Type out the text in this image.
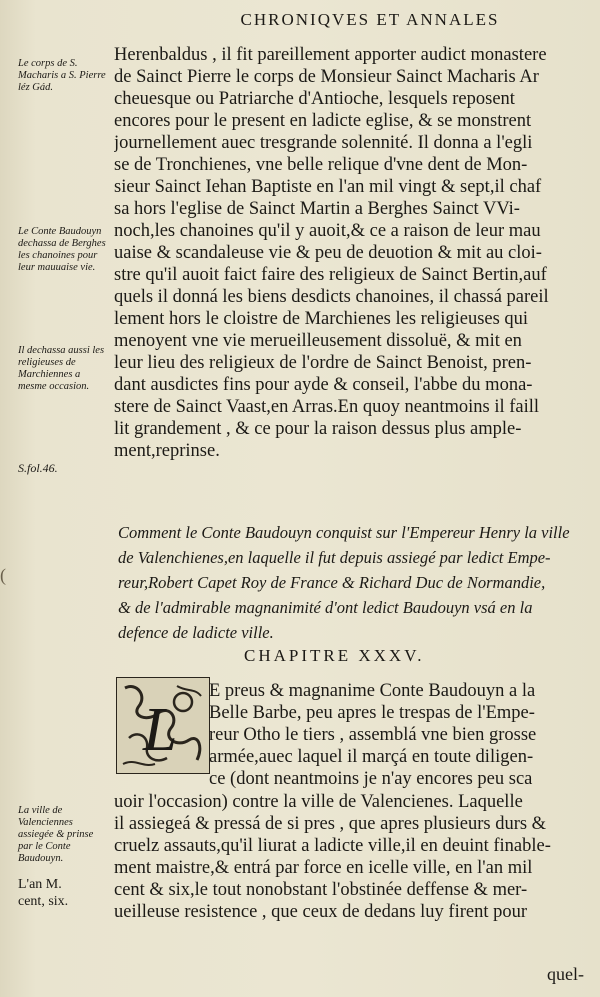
CHRONIQVES ET ANNALES
Le corps de S. Macharis a S. Pierre léz Gád.
Le Conte Baudouyn dechassa de Berghes les chanoines pour leur mauuaise vie.
Il dechassa aussi les religieuses de Marchiennes a mesme occasion.
S.fol.46.
La ville de Valenciennes assiegée & prinse par le Conte Baudouyn.
L'an M. cent, six.
Herenbaldus , il fit pareillement apporter audict monastere
de Sainct Pierre le corps de Monsieur Sainct Macharis Ar
cheuesque ou Patriarche d'Antioche, lesquels reposent
encores pour le present en ladicte eglise, & se monstrent
journellement auec tresgrande solennité. Il donna a l'egli
se de Tronchienes, vne belle relique d'vne dent de Mon-
sieur Sainct Iehan Baptiste en l'an mil vingt & sept,il chaf
sa hors l'eglise de Sainct Martin a Berghes Sainct VVi-
noch,les chanoines qu'il y auoit,& ce a raison de leur mau
uaise & scandaleuse vie & peu de deuotion & mit au cloi-
stre qu'il auoit faict faire des religieux de Sainct Bertin,auf
quels il donná les biens desdicts chanoines, il chassá pareil
lement hors le cloistre de Marchienes les religieuses qui
menoyent vne vie merueilleusement dissoluë, & mit en
leur lieu des religieux de l'ordre de Sainct Benoist, pren-
dant ausdictes fins pour ayde & conseil, l'abbe du mona-
stere de Sainct Vaast,en Arras.En quoy neantmoins il faill
lit grandement , & ce pour la raison dessus plus ample-
ment,reprinse.
(
Comment le Conte Baudouyn conquist sur l'Empereur Henry la ville
de Valenchienes,en laquelle il fut depuis assiegé par ledict Empe-
reur,Robert Capet Roy de France & Richard Duc de Normandie,
& de l'admirable magnanimité d'ont ledict Baudouyn vsá en la
defence de ladicte ville.
CHAPITRE XXXV.
L
E preus & magnanime Conte Baudouyn a la
Belle Barbe, peu apres le trespas de l'Empe-
reur Otho le tiers , assemblá vne bien grosse
armée,auec laquel il marçá en toute diligen-
ce (dont neantmoins je n'ay encores peu sca
uoir l'occasion) contre la ville de Valencienes. Laquelle
il assiegeá & pressá de si pres , que apres plusieurs durs &
cruelz assauts,qu'il liurat a ladicte ville,il en deuint finable-
ment maistre,& entrá par force en icelle ville, en l'an mil
cent & six,le tout nonobstant l'obstinée deffense & mer-
ueilleuse resistence , que ceux de dedans luy firent pour
quel-
